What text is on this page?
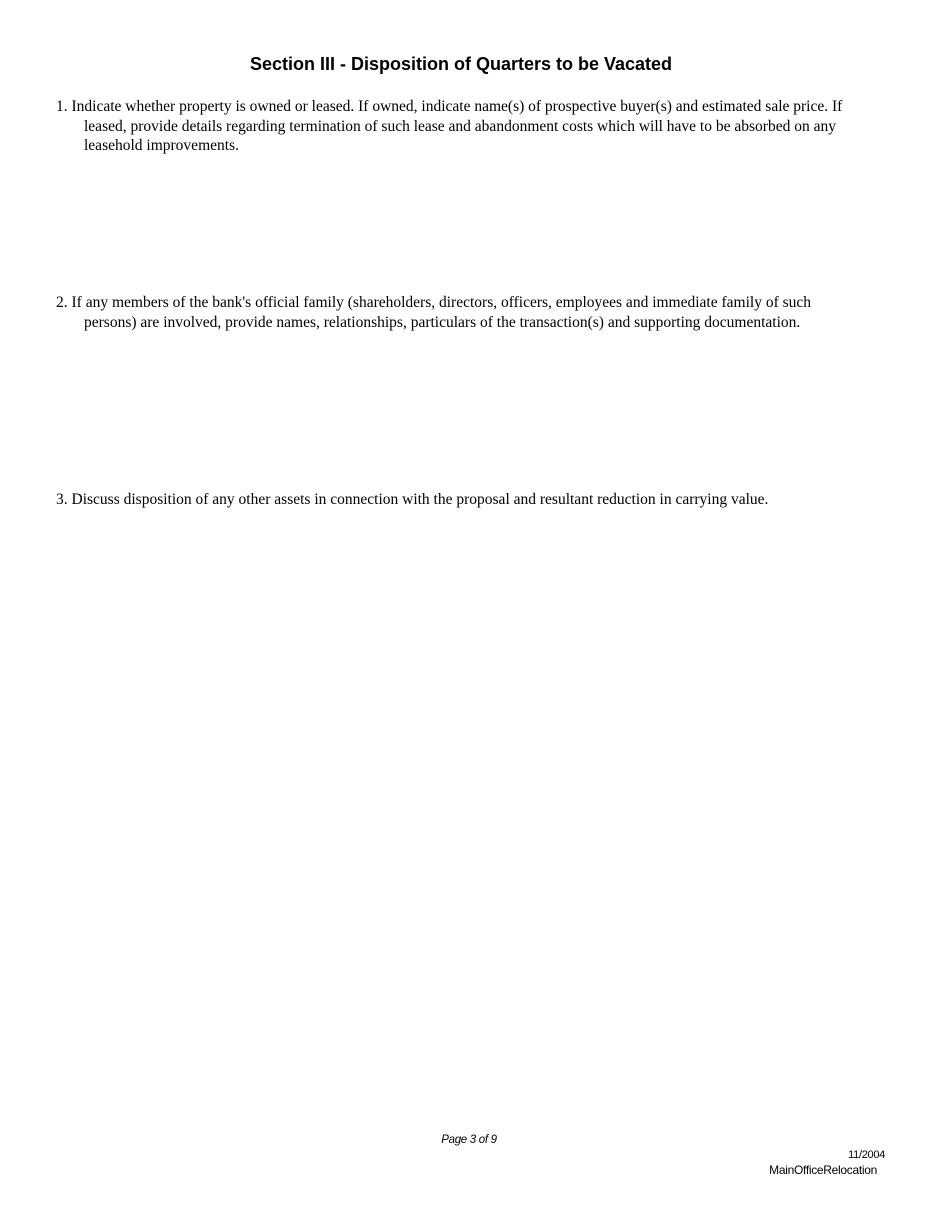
Section III - Disposition of Quarters to be Vacated

1. Indicate whether property is owned or leased. If owned, indicate name(s) of prospective buyer(s) and estimated sale price. If leased, provide details regarding termination of such lease and abandonment costs which will have to be absorbed on any leasehold improvements.

2. If any members of the bank's official family (shareholders, directors, officers, employees and immediate family of such persons) are involved, provide names, relationships, particulars of the transaction(s) and supporting documentation.

3. Discuss disposition of any other assets in connection with the proposal and resultant reduction in carrying value.

Page 3 of 9
11/2004
MainOfficeRelocation
